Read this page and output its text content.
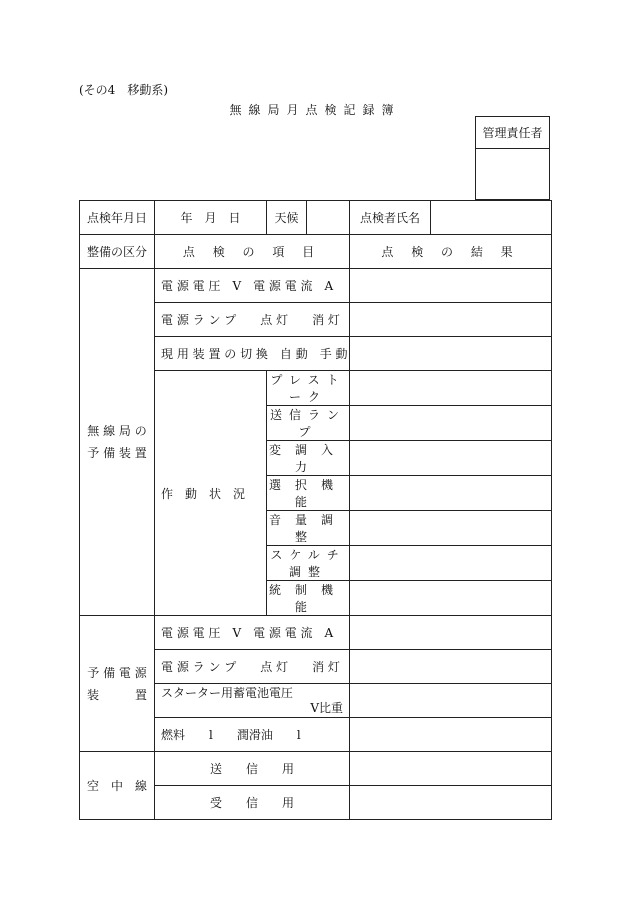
(その4　移動系)
無線局月点検記録簿
管理責任者
点検年月日	年　月　日	天候		点検者氏名	
整備の区分	点 検 の 項 目			点 検 の 結 果	

無 線 局 の
予 備 装 置	電 源 電 圧　V　電 源 電 流　A				
	電 源 ラ ン プ　　点 灯　　消 灯				
	現 用 装 置 の 切 換　自 動　手 動				
	作　動　状　況	プレストーク			
		送信ランプ			
		変調入力			
		選択機能			
		音量調整			
		スケルチ調整			
		統制機能			

予 備 電 源
装　　　置	電 源 電 圧　V　電 源 電 流　A				
	電 源 ラ ン プ　　点 灯　　消 灯				

	スターター用蓄電池電圧
V比重				

	燃料　　l　　潤滑油　　l				
空　中　線	送　　信　　用				
	受　　信　　用				
